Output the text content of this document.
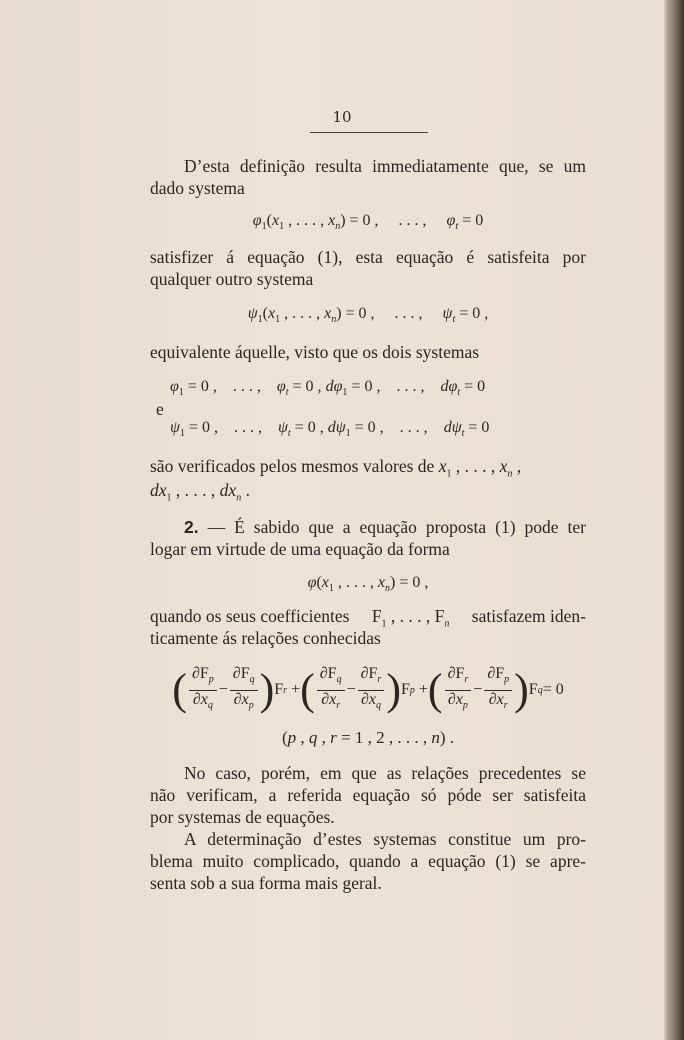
10
D’esta definição resulta immediatamente que, se um
dado systema
$\varphi_1(x_1$ , . . . , $x_n) = 0$ ,     . . . ,     $\varphi_t = 0$
satisfizer á equação (1), esta equação é satisfeita por
qualquer outro systema
$\psi_1(x_1$ , . . . , $x_n) = 0$ ,     . . . ,     $\psi_t = 0$ ,
equivalente áquelle, visto que os dois systemas
$\varphi_1 = 0$ ,    . . . ,    $\varphi_t = 0$ , $d\varphi_1 = 0$ ,    . . . ,    $d\varphi_t = 0$
e
$\psi_1 = 0$ ,    . . . ,    $\psi_t = 0$ , $d\psi_1 = 0$ ,    . . . ,    $d\psi_t = 0$
são verificados pelos mesmos valores de $x_1$ , . . . , $x_n$ ,
$dx_1$ , . . . , $dx_n$ .
2. — É sabido que a equação proposta (1) pode ter
logar em virtude de uma equação da forma
$\varphi(x_1$ , . . . , $x_n) = 0$ ,
quando os seus coefficientes $F_1$ , . . . , $F_n$ satisfazem iden-
ticamente ás relações conhecidas
( $\frac{\partial F_p}{\partial x_q} - \frac{\partial F_q}{\partial x_p}$ ) F r + ( $\frac{\partial F_q}{\partial x_r} - \frac{\partial F_r}{\partial x_q}$ ) F p + ( $\frac{\partial F_r}{\partial x_p} - \frac{\partial F_p}{\partial x_r}$ ) F q = 0
(p , q , r = 1 , 2 , . . . , n) .
No caso, porém, em que as relações precedentes se
não verificam, a referida equação só póde ser satisfeita
por systemas de equações.
A determinação d’estes systemas constitue um pro-
blema muito complicado, quando a equação (1) se apre-
senta sob a sua forma mais geral.
